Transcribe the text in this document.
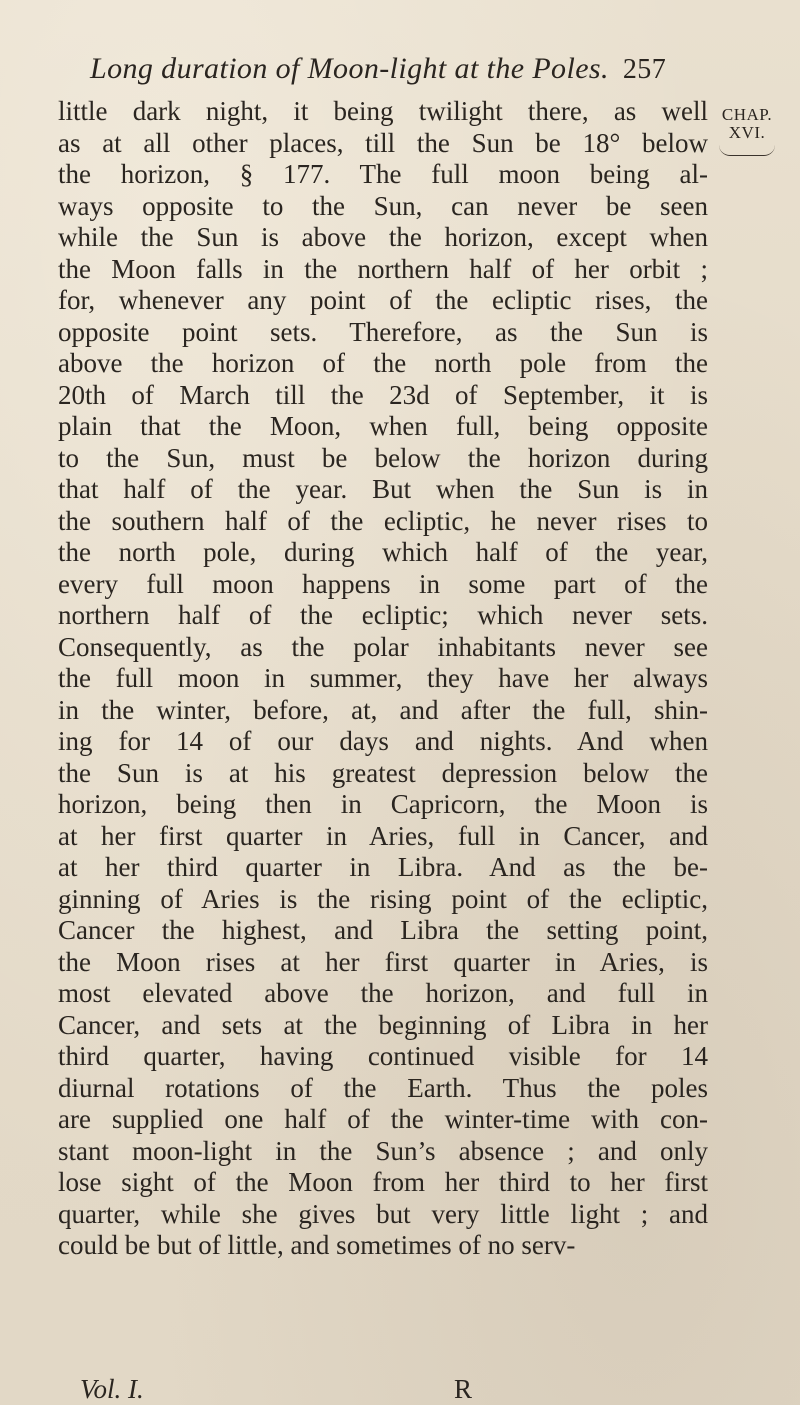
Long duration of Moon-light at the Poles. 257
CHAP.
XVI.
little dark night, it being twilight there, as well
as at all other places, till the Sun be 18° below
the horizon, § 177. The full moon being al-
ways opposite to the Sun, can never be seen
while the Sun is above the horizon, except when
the Moon falls in the northern half of her orbit ;
for, whenever any point of the ecliptic rises, the
opposite point sets. Therefore, as the Sun is
above the horizon of the north pole from the
20th of March till the 23d of September, it is
plain that the Moon, when full, being opposite
to the Sun, must be below the horizon during
that half of the year. But when the Sun is in
the southern half of the ecliptic, he never rises to
the north pole, during which half of the year,
every full moon happens in some part of the
northern half of the ecliptic; which never sets.
Consequently, as the polar inhabitants never see
the full moon in summer, they have her always
in the winter, before, at, and after the full, shin-
ing for 14 of our days and nights. And when
the Sun is at his greatest depression below the
horizon, being then in Capricorn, the Moon is
at her first quarter in Aries, full in Cancer, and
at her third quarter in Libra. And as the be-
ginning of Aries is the rising point of the ecliptic,
Cancer the highest, and Libra the setting point,
the Moon rises at her first quarter in Aries, is
most elevated above the horizon, and full in
Cancer, and sets at the beginning of Libra in her
third quarter, having continued visible for 14
diurnal rotations of the Earth. Thus the poles
are supplied one half of the winter-time with con-
stant moon-light in the Sun’s absence ; and only
lose sight of the Moon from her third to her first
quarter, while she gives but very little light ; and
could be but of little, and sometimes of no serv-
Vol. I.	R
